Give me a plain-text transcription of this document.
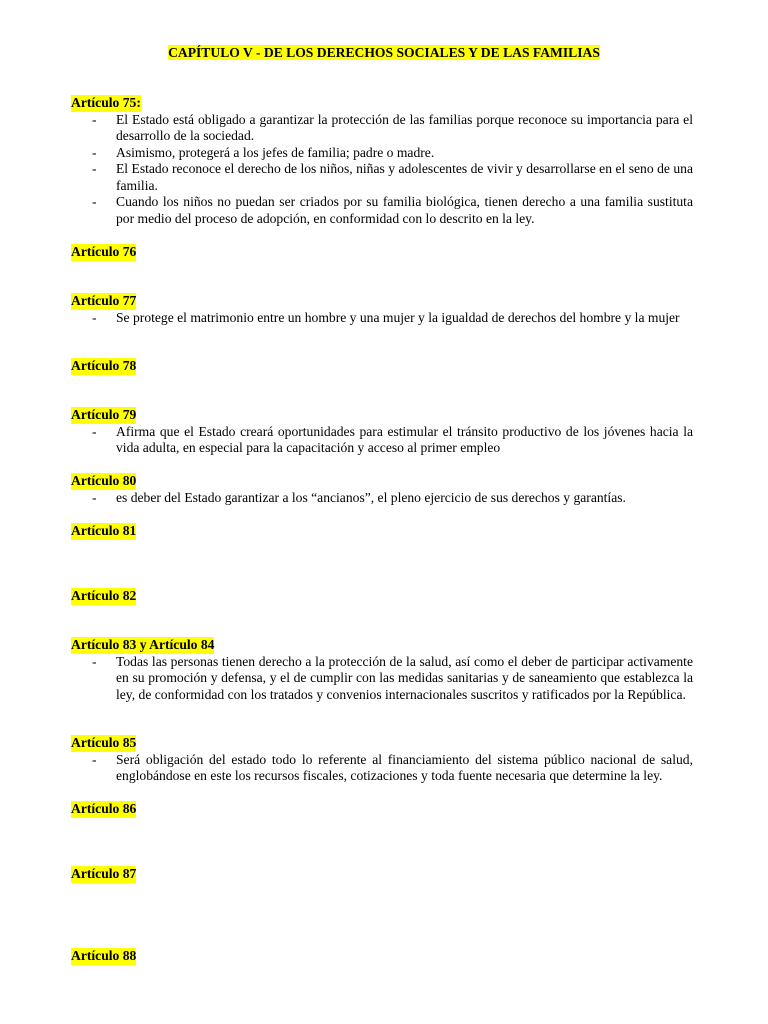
CAPÍTULO V - DE LOS DERECHOS SOCIALES Y DE LAS FAMILIAS
Artículo 75:
- El Estado está obligado a garantizar la protección de las familias porque reconoce su importancia para el desarrollo de la sociedad.
- Asimismo, protegerá a los jefes de familia; padre o madre.
- El Estado reconoce el derecho de los niños, niñas y adolescentes de vivir y desarrollarse en el seno de una familia.
- Cuando los niños no puedan ser criados por su familia biológica, tienen derecho a una familia sustituta por medio del proceso de adopción, en conformidad con lo descrito en la ley.
Artículo 76
Artículo 77
- Se protege el matrimonio entre un hombre y una mujer y la igualdad de derechos del hombre y la mujer
Artículo 78
Artículo 79
- Afirma que el Estado creará oportunidades para estimular el tránsito productivo de los jóvenes hacia la vida adulta, en especial para la capacitación y acceso al primer empleo
Artículo 80
- es deber del Estado garantizar a los “ancianos”, el pleno ejercicio de sus derechos y garantías.
Artículo 81
Artículo 82
Artículo 83 y Artículo 84
- Todas las personas tienen derecho a la protección de la salud, así como el deber de participar activamente en su promoción y defensa, y el de cumplir con las medidas sanitarias y de saneamiento que establezca la ley, de conformidad con los tratados y convenios internacionales suscritos y ratificados por la República.
Artículo 85
- Será obligación del estado todo lo referente al financiamiento del sistema público nacional de salud, englobándose en este los recursos fiscales, cotizaciones y toda fuente necesaria que determine la ley.
Artículo 86
Artículo 87
Artículo 88
